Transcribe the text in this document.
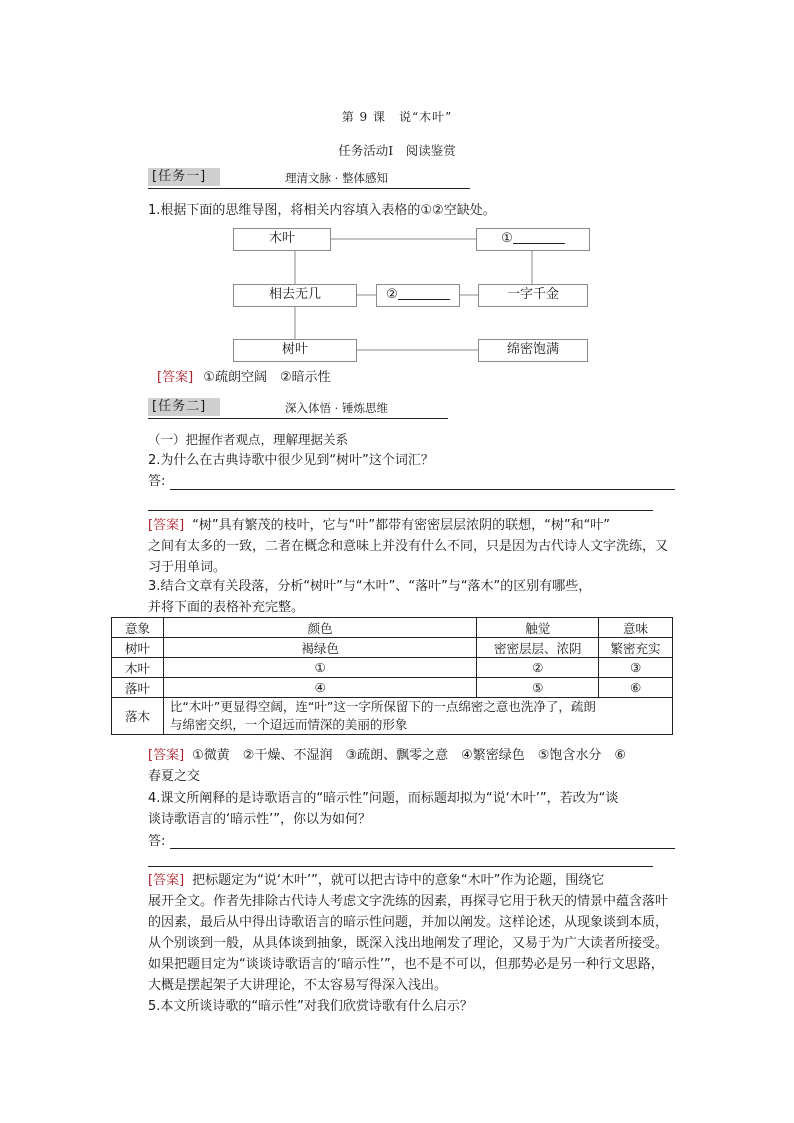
第 9 课　说“木叶”
任务活动Ⅰ　阅读鉴赏
[任务一]	理清文脉 · 整体感知
1.根据下面的思维导图，将相关内容填入表格的①②空缺处。
木叶	①
相去无几	②	一字千金
树叶	绵密饱满
[答案] ①疏朗空阔　②暗示性
[任务二]	深入体悟 · 锤炼思维
（一）把握作者观点，理解理据关系
2.为什么在古典诗歌中很少见到“树叶”这个词汇？
答:
[答案] “树”具有繁茂的枝叶，它与“叶”都带有密密层层浓阴的联想，“树”和“叶”
之间有太多的一致，二者在概念和意味上并没有什么不同，只是因为古代诗人文字洗练，又
习于用单词。
3.结合文章有关段落，分析“树叶”与“木叶”、“落叶”与“落木”的区别有哪些，
并将下面的表格补充完整。
意象	颜色	触觉	意味
树叶	褐绿色	密密层层、浓阴	繁密充实
木叶	①	②	③
落叶	④	⑤	⑥
落木	比“木叶”更显得空阔，连“叶”这一字所保留下的一点绵密之意也洗净了，疏朗
与绵密交织，一个迢远而情深的美丽的形象		
[答案] ①微黄　②干燥、不湿润　③疏朗、飘零之意　④繁密绿色　⑤饱含水分　⑥
春夏之交
4.课文所阐释的是诗歌语言的“暗示性”问题，而标题却拟为“说‘木叶’”，若改为“谈
谈诗歌语言的‘暗示性’”，你以为如何？
答:
[答案] 把标题定为“说‘木叶’”，就可以把古诗中的意象“木叶”作为论题，围绕它
展开全文。作者先排除古代诗人考虑文字洗练的因素，再探寻它用于秋天的情景中蕴含落叶
的因素，最后从中得出诗歌语言的暗示性问题，并加以阐发。这样论述，从现象谈到本质，
从个别谈到一般，从具体谈到抽象，既深入浅出地阐发了理论，又易于为广大读者所接受。
如果把题目定为“谈谈诗歌语言的‘暗示性’”，也不是不可以，但那势必是另一种行文思路，
大概是摆起架子大讲理论，不太容易写得深入浅出。
5.本文所谈诗歌的“暗示性”对我们欣赏诗歌有什么启示？
